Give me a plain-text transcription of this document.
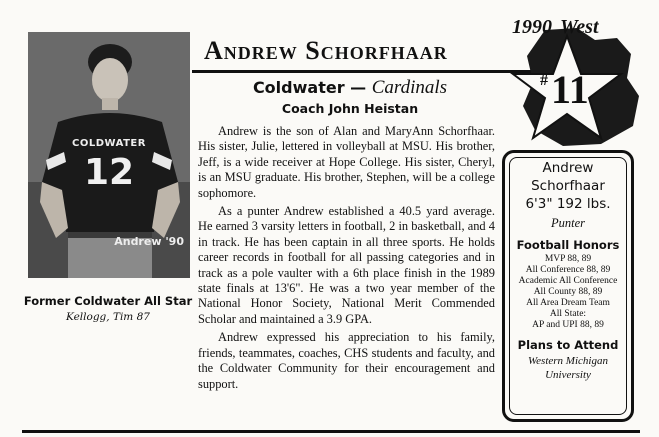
COLDWATER
12
Andrew '90
Former Coldwater All Star
Kellogg, Tim 87
Andrew Schorfhaar
1990 West
# 11
Coldwater — Cardinals
Coach John Heistan

Andrew is the son of Alan and MaryAnn Schorfhaar. His sister, Julie, lettered in volleyball at MSU. His brother, Jeff, is a wide receiver at Hope College. His sister, Cheryl, is an MSU graduate. His brother, Stephen, will be a college sophomore.

As a punter Andrew established a 40.5 yard average. He earned 3 varsity letters in football, 2 in basketball, and 4 in track. He has been captain in all three sports. He holds career records in football for all passing categories and in track as a pole vaulter with a 6th place finish in the 1989 state finals at 13'6". He was a two year member of the National Honor Society, National Merit Commended Scholar and maintained a 3.9 GPA.

Andrew expressed his appreciation to his family, friends, teammates, coaches, CHS students and faculty, and the Coldwater Community for their encouragement and support.

Andrew
Schorfhaar
6'3" 192 lbs.
Punter
Football Honors
MVP 88, 89
All Conference 88, 89
Academic All Conference
All County 88, 89
All Area Dream Team
All State:
AP and UPI 88, 89
Plans to Attend
Western Michigan
University
